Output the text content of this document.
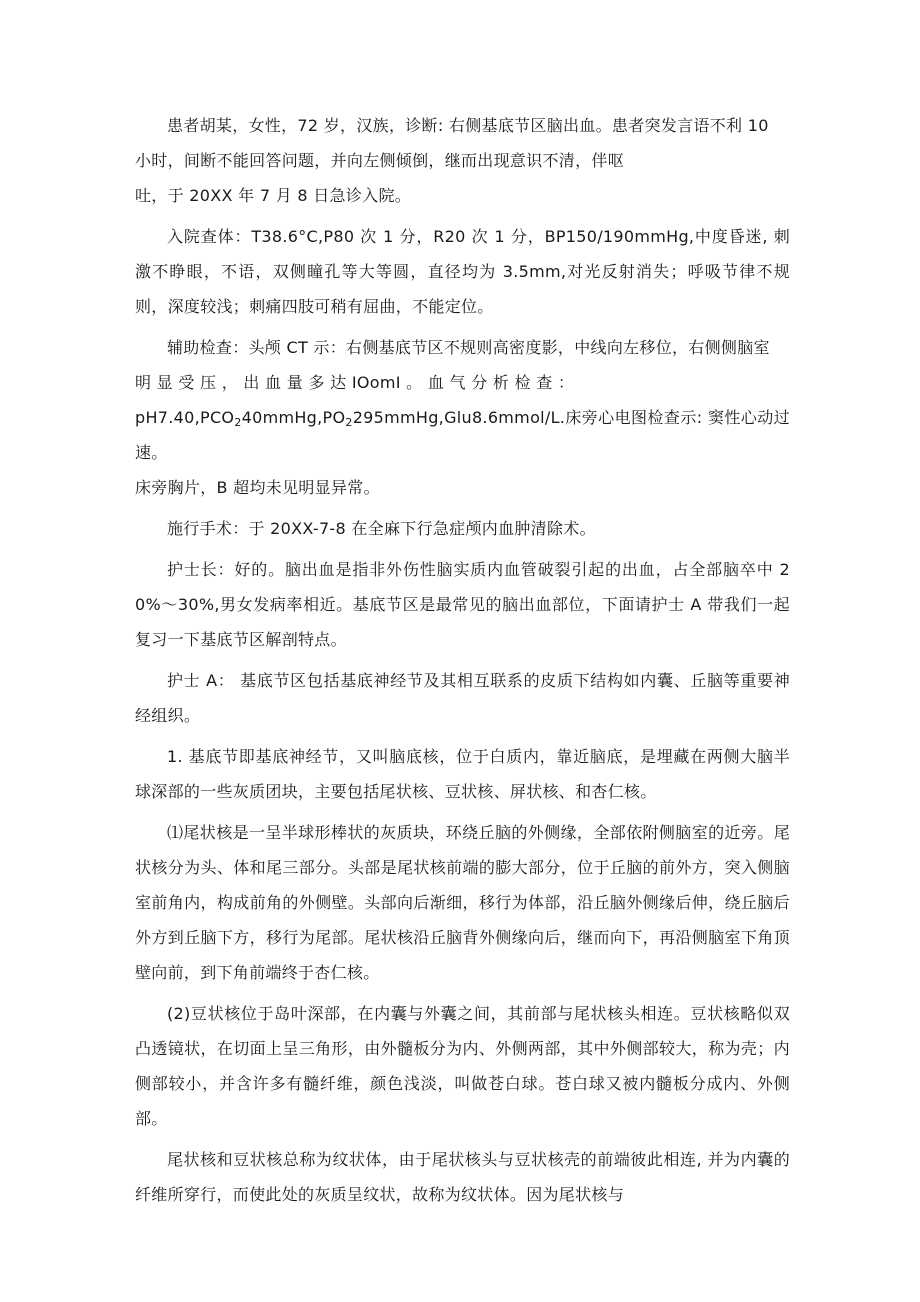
患者胡某，女性，72 岁，汉族，诊断: 右侧基底节区脑出血。患者突发言语不利 10
小时，间断不能回答问题，并向左侧倾倒，继而出现意识不清，伴呕
吐，于 20XX 年 7 月 8 日急诊入院。

入院查体：T38.6°C,P80 次 1 分，R20 次 1 分，BP150/190mmHg,中度昏迷, 刺激不睁眼，不语，双侧瞳孔等大等圆，直径均为 3.5mm,对光反射消失；呼吸节律不规则，深度较浅；刺痛四肢可稍有屈曲，不能定位。

辅助检查：头颅 CT 示：右侧基底节区不规则高密度影，中线向左移位，右侧侧脑室
明 显 受 压 ， 出 血 量 多 达 IOomI 。 血 气 分 析 检 查 ：
$pH7.40,PCO_240mmHg,PO_2295mmHg,Glu8.6mmol/L$.床旁心电图检查示: 窦性心动过速。
床旁胸片，B 超均未见明显异常。

施行手术：于 20XX-7-8 在全麻下行急症颅内血肿清除术。

护士长：好的。脑出血是指非外伤性脑实质内血管破裂引起的出血，占全部脑卒中 20%～30%,男女发病率相近。基底节区是最常见的脑出血部位，下面请护士 A 带我们一起复习一下基底节区解剖特点。

护士 A： 基底节区包括基底神经节及其相互联系的皮质下结构如内囊、丘脑等重要神经组织。

1. 基底节即基底神经节，又叫脑底核，位于白质内，靠近脑底，是埋藏在两侧大脑半球深部的一些灰质团块，主要包括尾状核、豆状核、屏状核、和杏仁核。

⑴尾状核是一呈半球形棒状的灰质块，环绕丘脑的外侧缘，全部依附侧脑室的近旁。尾状核分为头、体和尾三部分。头部是尾状核前端的膨大部分，位于丘脑的前外方，突入侧脑室前角内，构成前角的外侧壁。头部向后渐细，移行为体部，沿丘脑外侧缘后伸，绕丘脑后外方到丘脑下方，移行为尾部。尾状核沿丘脑背外侧缘向后，继而向下，再沿侧脑室下角顶壁向前，到下角前端终于杏仁核。

(2)豆状核位于岛叶深部，在内囊与外囊之间，其前部与尾状核头相连。豆状核略似双凸透镜状，在切面上呈三角形，由外髓板分为内、外侧两部，其中外侧部较大，称为壳；内侧部较小，并含许多有髓纤维，颜色浅淡，叫做苍白球。苍白球又被内髓板分成内、外侧部。

尾状核和豆状核总称为纹状体，由于尾状核头与豆状核壳的前端彼此相连, 并为内囊的纤维所穿行，而使此处的灰质呈纹状，故称为纹状体。因为尾状核与
